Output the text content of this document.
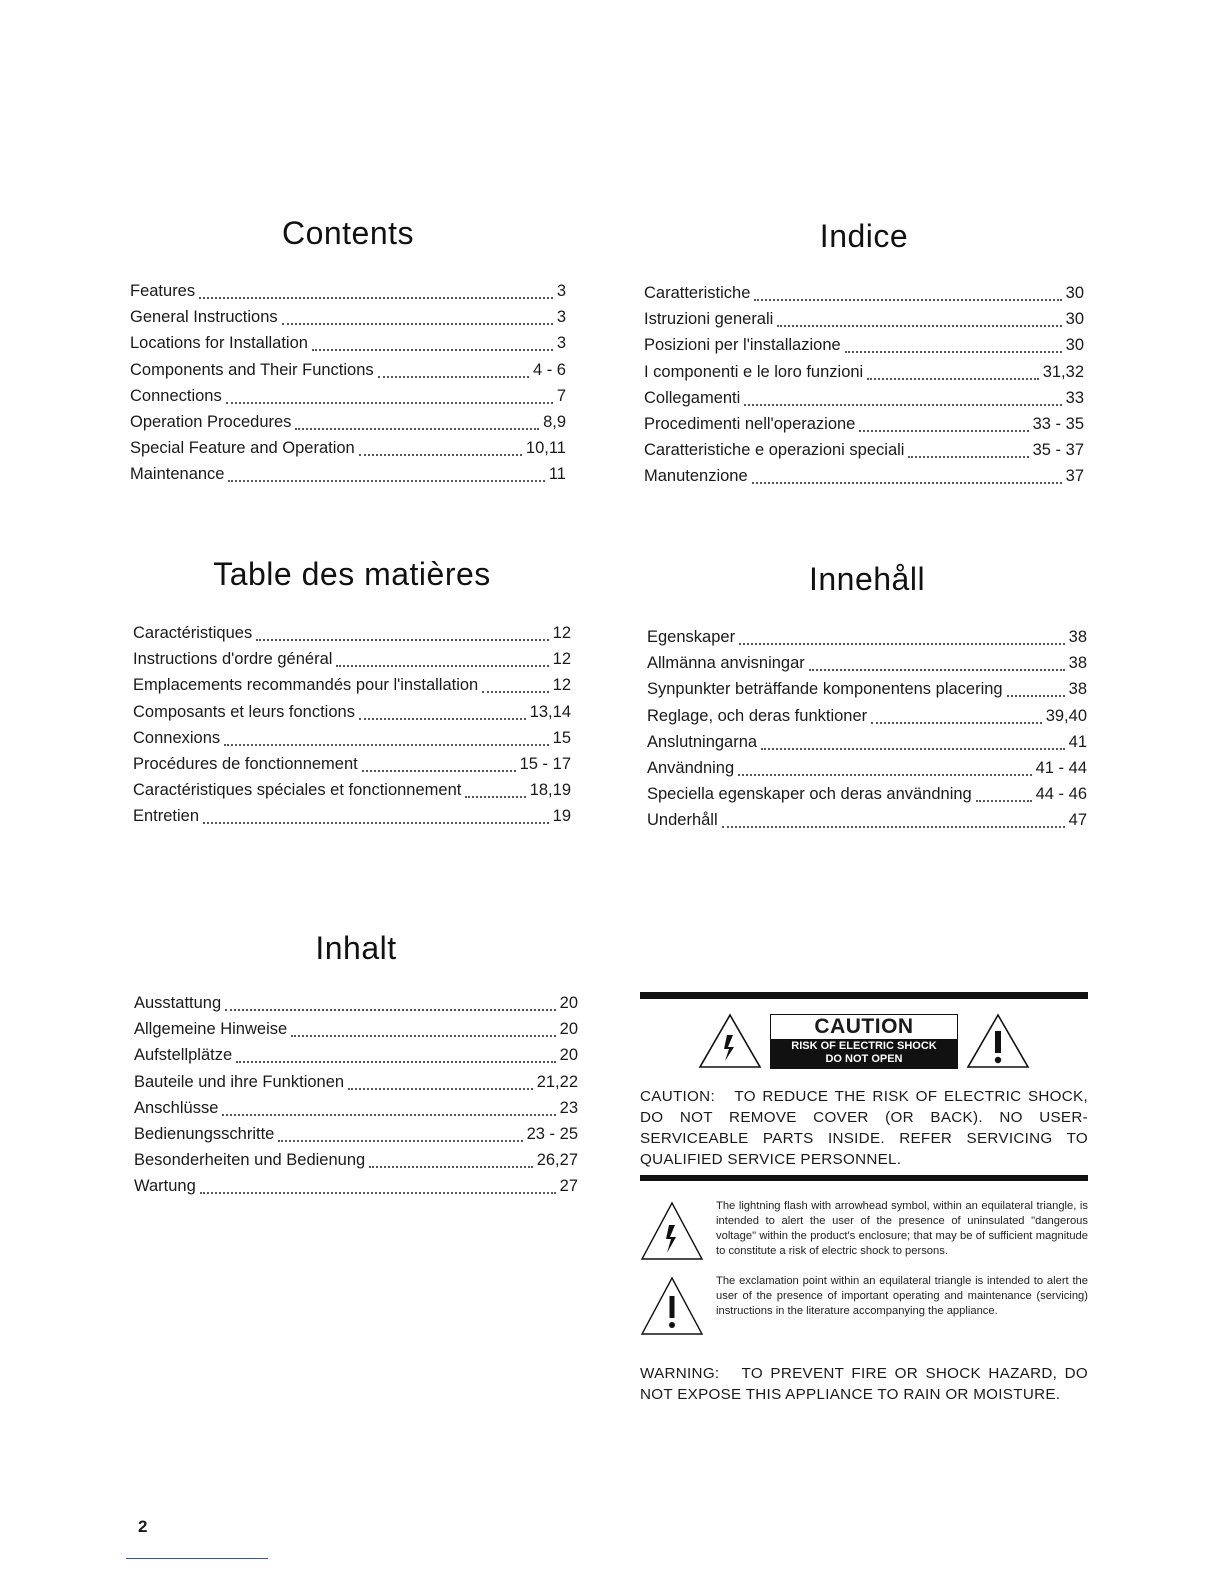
Contents
Features	3
General Instructions	3
Locations for Installation	3
Components and Their Functions	4 - 6
Connections	7
Operation Procedures	8,9
Special Feature and Operation	10,11
Maintenance	11
Indice
Caratteristiche	30
Istruzioni generali	30
Posizioni per l'installazione	30
I componenti e le loro funzioni	31,32
Collegamenti	33
Procedimenti nell'operazione	33 - 35
Caratteristiche e operazioni speciali	35 - 37
Manutenzione	37
Table des matières
Caractéristiques	12
Instructions d'ordre général	12
Emplacements recommandés pour l'installation	12
Composants et leurs fonctions	13,14
Connexions	15
Procédures de fonctionnement	15 - 17
Caractéristiques spéciales et fonctionnement	18,19
Entretien	19
Innehåll
Egenskaper	38
Allmänna anvisningar	38
Synpunkter beträffande komponentens placering	38
Reglage, och deras funktioner	39,40
Anslutningarna	41
Användning	41 - 44
Speciella egenskaper och deras användning	44 - 46
Underhåll	47
Inhalt
Ausstattung	20
Allgemeine Hinweise	20
Aufstellplätze	20
Bauteile und ihre Funktionen	21,22
Anschlüsse	23
Bedienungsschritte	23 - 25
Besonderheiten und Bedienung	26,27
Wartung	27
CAUTION
RISK OF ELECTRIC SHOCK
DO NOT OPEN
CAUTION: TO REDUCE THE RISK OF ELECTRIC SHOCK, DO NOT REMOVE COVER (OR BACK). NO USER-SERVICEABLE PARTS INSIDE. REFER SERVICING TO QUALIFIED SERVICE PERSONNEL.
The lightning flash with arrowhead symbol, within an equilateral triangle, is intended to alert the user of the presence of uninsulated "dangerous voltage" within the product's enclosure; that may be of sufficient magnitude to constitute a risk of electric shock to persons.
The exclamation point within an equilateral triangle is intended to alert the user of the presence of important operating and maintenance (servicing) instructions in the literature accompanying the appliance.
WARNING: TO PREVENT FIRE OR SHOCK HAZARD, DO NOT EXPOSE THIS APPLIANCE TO RAIN OR MOISTURE.
2
